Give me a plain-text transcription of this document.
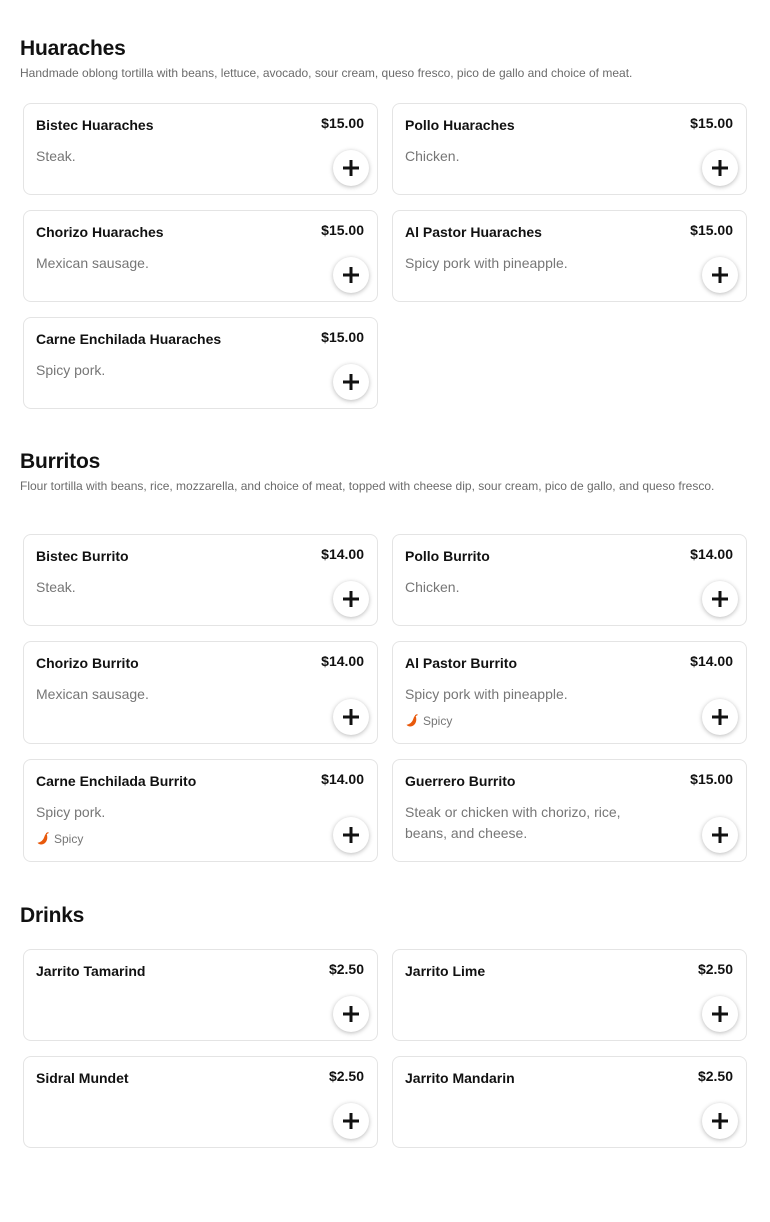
Huaraches

Handmade oblong tortilla with beans, lettuce, avocado, sour cream, queso fresco, pico de gallo and choice of meat.

Bistec Huaraches	$15.00
Steak.
Pollo Huaraches	$15.00
Chicken.
Chorizo Huaraches	$15.00
Mexican sausage.
Al Pastor Huaraches	$15.00
Spicy pork with pineapple.
Carne Enchilada Huaraches	$15.00
Spicy pork.
Burritos

Flour tortilla with beans, rice, mozzarella, and choice of meat, topped with cheese dip, sour cream, pico de gallo, and queso fresco.

Bistec Burrito	$14.00
Steak.
Pollo Burrito	$14.00
Chicken.
Chorizo Burrito	$14.00
Mexican sausage.
Al Pastor Burrito	$14.00
Spicy pork with pineapple.
Spicy
Carne Enchilada Burrito	$14.00
Spicy pork.
Spicy
Guerrero Burrito	$15.00
Steak or chicken with chorizo, rice, beans, and cheese.
Drinks
Jarrito Tamarind	$2.50	Jarrito Lime	$2.50
Sidral Mundet	$2.50	Jarrito Mandarin	$2.50
